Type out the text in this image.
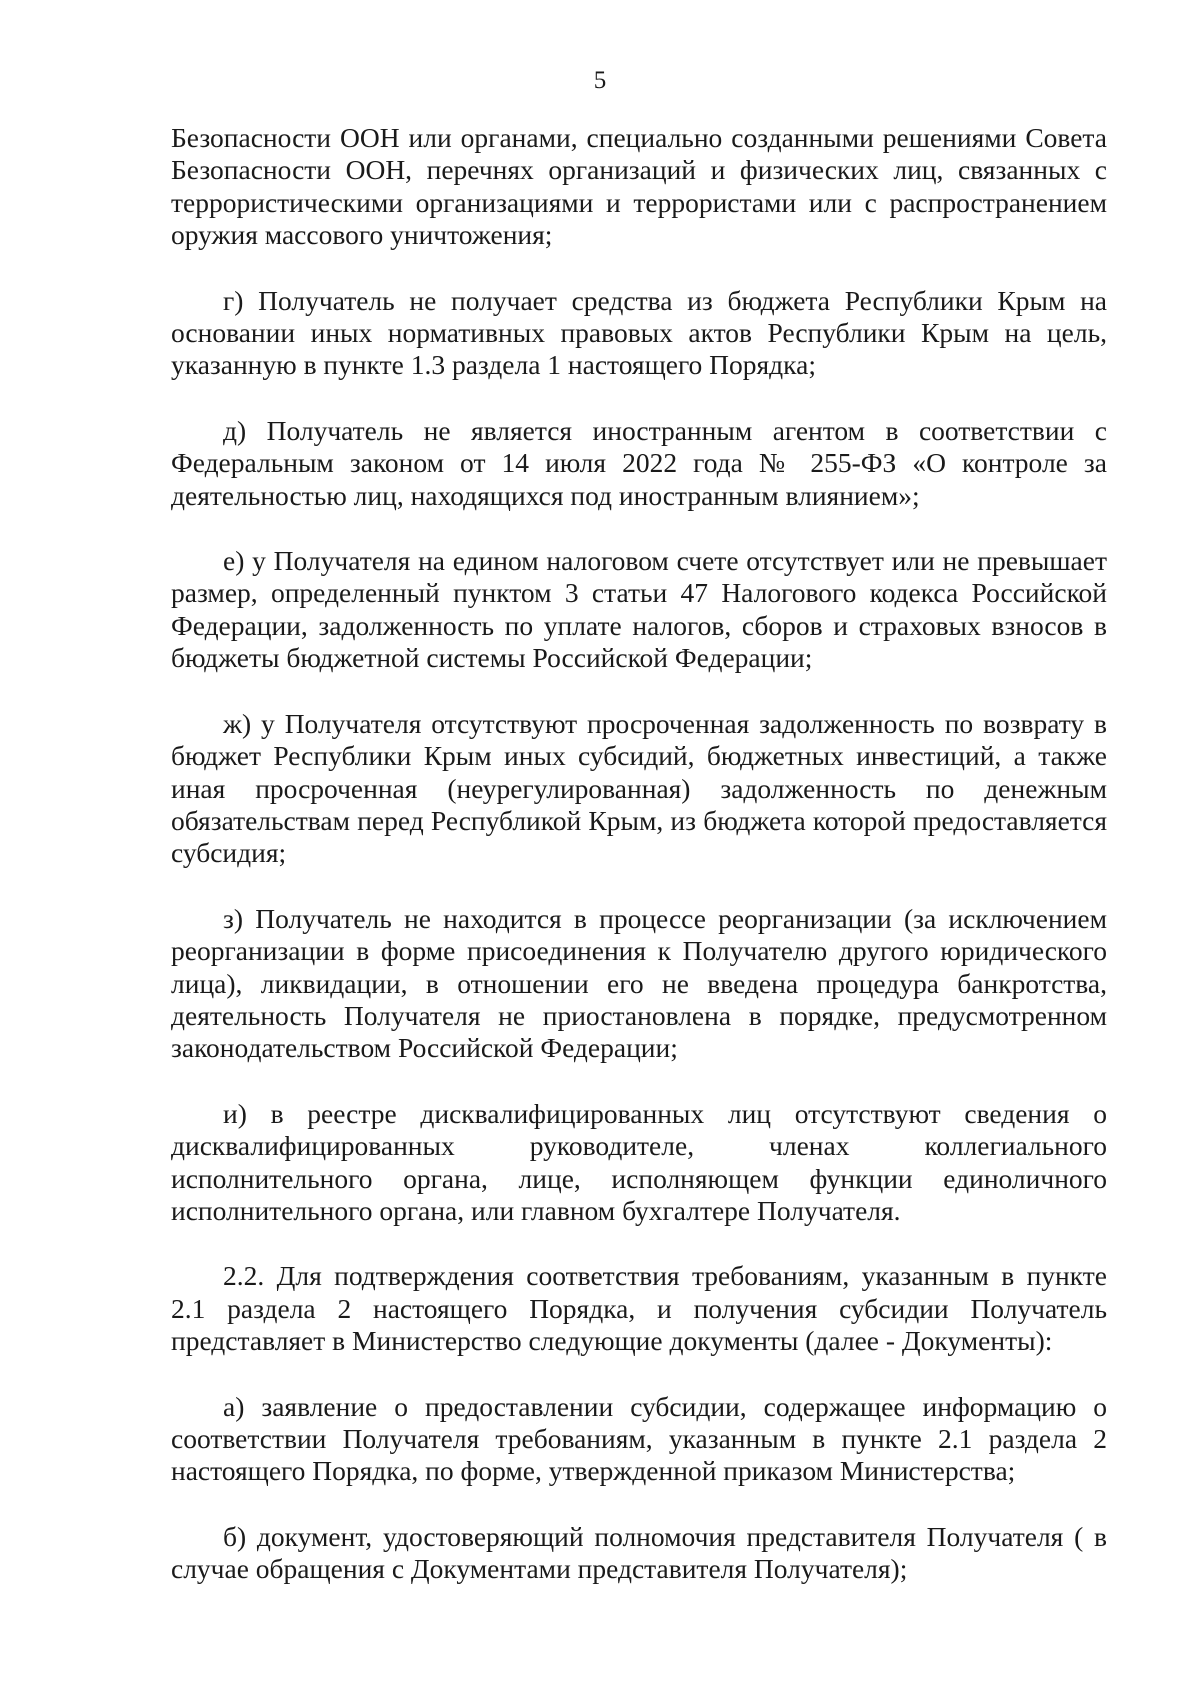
5

Безопасности ООН или органами, специально созданными решениями Совета Безопасности ООН, перечнях организаций и физических лиц, связанных с террористическими организациями и террористами или с распространением оружия массового уничтожения;

г) Получатель не получает средства из бюджета Республики Крым на основании иных нормативных правовых актов Республики Крым на цель, указанную в пункте 1.3 раздела 1 настоящего Порядка;

д) Получатель не является иностранным агентом в соответствии с Федеральным законом от 14 июля 2022 года № 255-ФЗ «О контроле за деятельностью лиц, находящихся под иностранным влиянием»;

е) у Получателя на едином налоговом счете отсутствует или не превышает размер, определенный пунктом 3 статьи 47 Налогового кодекса Российской Федерации, задолженность по уплате налогов, сборов и страховых взносов в бюджеты бюджетной системы Российской Федерации;

ж) у Получателя отсутствуют просроченная задолженность по возврату в бюджет Республики Крым иных субсидий, бюджетных инвестиций, а также иная просроченная (неурегулированная) задолженность по денежным обязательствам перед Республикой Крым, из бюджета которой предоставляется субсидия;

з) Получатель не находится в процессе реорганизации (за исключением реорганизации в форме присоединения к Получателю другого юридического лица), ликвидации, в отношении его не введена процедура банкротства, деятельность Получателя не приостановлена в порядке, предусмотренном законодательством Российской Федерации;

и) в реестре дисквалифицированных лиц отсутствуют сведения о дисквалифицированных руководителе, членах коллегиального исполнительного органа, лице, исполняющем функции единоличного исполнительного органа, или главном бухгалтере Получателя.

2.2. Для подтверждения соответствия требованиям, указанным в пункте 2.1 раздела 2 настоящего Порядка, и получения субсидии Получатель представляет в Министерство следующие документы (далее - Документы):

а) заявление о предоставлении субсидии, содержащее информацию о соответствии Получателя требованиям, указанным в пункте 2.1 раздела 2 настоящего Порядка, по форме, утвержденной приказом Министерства;

б) документ, удостоверяющий полномочия представителя Получателя ( в случае обращения с Документами представителя Получателя);
